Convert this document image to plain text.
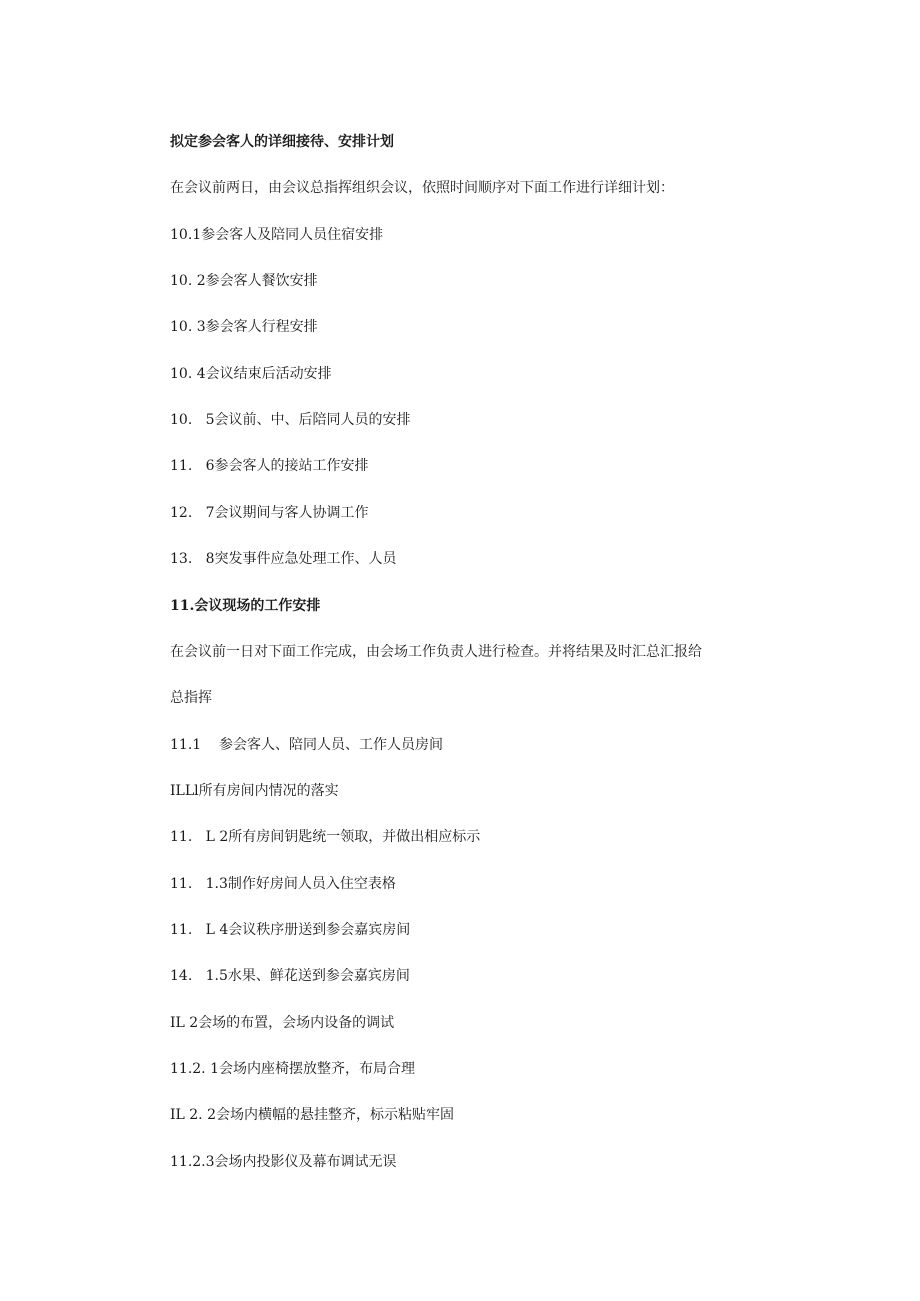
拟定参会客人的详细接待、安排计划
在会议前两日，由会议总指挥组织会议，依照时间顺序对下面工作进行详细计划：
10.1参会客人及陪同人员住宿安排
10. 2参会客人餐饮安排
10. 3参会客人行程安排
10. 4会议结束后活动安排
10.   5会议前、中、后陪同人员的安排
11.   6参会客人的接站工作安排
12.   7会议期间与客人协调工作
13.   8突发事件应急处理工作、人员
11.会议现场的工作安排
在会议前一日对下面工作完成，由会场工作负责人进行检查。并将结果及时汇总汇报给
总指挥
11.1    参会客人、陪同人员、工作人员房间
ILLl所有房间内情况的落实
11.   L 2所有房间钥匙统一领取，并做出相应标示
11.   1.3制作好房间人员入住空表格
11.   L 4会议秩序册送到参会嘉宾房间
14.   1.5水果、鲜花送到参会嘉宾房间
IL 2会场的布置，会场内设备的调试
11.2. 1会场内座椅摆放整齐，布局合理
IL 2. 2会场内横幅的悬挂整齐，标示粘贴牢固
11.2.3会场内投影仪及幕布调试无误
